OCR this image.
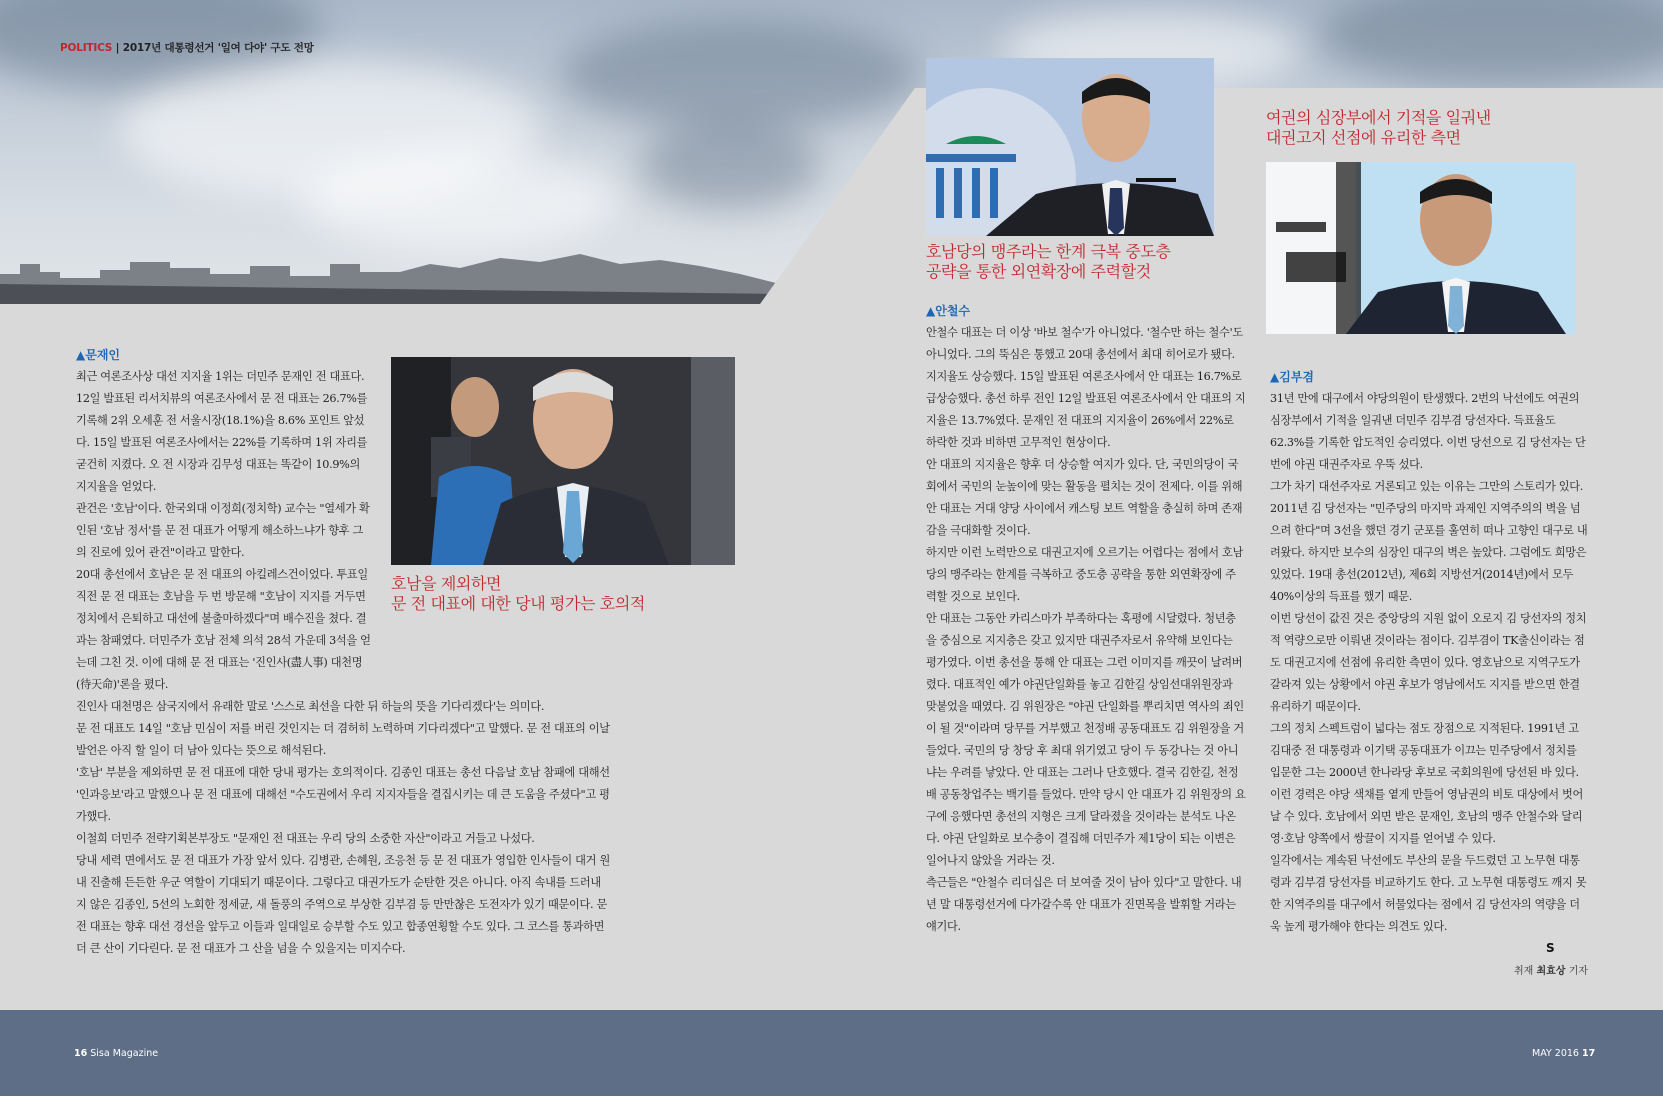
POLITICS | 2017년 대통령선거 '일여 다야' 구도 전망
▲문재인

최근 여론조사상 대선 지지율 1위는 더민주 문재인 전 대표다. 12일 발표된 리서치뷰의 여론조사에서 문 전 대표는 26.7%를 기록해 2위 오세훈 전 서울시장(18.1%)을 8.6% 포인트 앞섰다. 15일 발표된 여론조사에서는 22%를 기록하며 1위 자리를 굳건히 지켰다. 오 전 시장과 김무성 대표는 똑같이 10.9%의 지지율을 얻었다.

관건은 '호남'이다. 한국외대 이정희(정치학) 교수는 "열세가 확인된 '호남 정서'를 문 전 대표가 어떻게 해소하느냐가 향후 그의 진로에 있어 관건"이라고 말한다.

20대 총선에서 호남은 문 전 대표의 아킬레스건이었다. 투표일 직전 문 전 대표는 호남을 두 번 방문해 "호남이 지지를 거두면 정치에서 은퇴하고 대선에 불출마하겠다"며 배수진을 쳤다. 결과는 참패였다. 더민주가 호남 전체 의석 28석 가운데 3석을 얻는데 그친 것. 이에 대해 문 전 대표는 '진인사(盡人事) 대천명(待天命)'론을 폈다.

진인사 대천명은 삼국지에서 유래한 말로 '스스로 최선을 다한 뒤 하늘의 뜻을 기다리겠다'는 의미다.

문 전 대표도 14일 "호남 민심이 저를 버린 것인지는 더 겸허히 노력하며 기다리겠다"고 말했다. 문 전 대표의 이날 발언은 아직 할 일이 더 남아 있다는 뜻으로 해석된다.

'호남' 부분을 제외하면 문 전 대표에 대한 당내 평가는 호의적이다. 김종인 대표는 총선 다음날 호남 참패에 대해선 '인과응보'라고 말했으나 문 전 대표에 대해선 "수도권에서 우리 지지자들을 결집시키는 데 큰 도움을 주셨다"고 평가했다.

이철희 더민주 전략기획본부장도 "문재인 전 대표는 우리 당의 소중한 자산"이라고 거들고 나섰다.

당내 세력 면에서도 문 전 대표가 가장 앞서 있다. 김병관, 손혜원, 조응천 등 문 전 대표가 영입한 인사들이 대거 원내 진출해 든든한 우군 역할이 기대되기 때문이다. 그렇다고 대권가도가 순탄한 것은 아니다. 아직 속내를 드러내지 않은 김종인, 5선의 노회한 정세균, 새 돌풍의 주역으로 부상한 김부겸 등 만만찮은 도전자가 있기 때문이다. 문 전 대표는 향후 대선 경선을 앞두고 이들과 일대일로 승부할 수도 있고 합종연횡할 수도 있다. 그 코스를 통과하면 더 큰 산이 기다린다. 문 전 대표가 그 산을 넘을 수 있을지는 미지수다.

호남을 제외하면
문 전 대표에 대한 당내 평가는 호의적
호남당의 맹주라는 한계 극복 중도층
공략을 통한 외연확장에 주력할것
▲안철수

안철수 대표는 더 이상 '바보 철수'가 아니었다. '철수만 하는 철수'도 아니었다. 그의 뚝심은 통했고 20대 총선에서 최대 히어로가 됐다. 지지율도 상승했다. 15일 발표된 여론조사에서 안 대표는 16.7%로 급상승했다. 총선 하루 전인 12일 발표된 여론조사에서 안 대표의 지지율은 13.7%였다. 문재인 전 대표의 지지율이 26%에서 22%로 하락한 것과 비하면 고무적인 현상이다.

안 대표의 지지율은 향후 더 상승할 여지가 있다. 단, 국민의당이 국회에서 국민의 눈높이에 맞는 활동을 펼치는 것이 전제다. 이를 위해 안 대표는 거대 양당 사이에서 캐스팅 보트 역할을 충실히 하며 존재감을 극대화할 것이다.

하지만 이런 노력만으로 대권고지에 오르기는 어렵다는 점에서 호남당의 맹주라는 한계를 극복하고 중도층 공략을 통한 외연확장에 주력할 것으로 보인다.

안 대표는 그동안 카리스마가 부족하다는 혹평에 시달렸다. 청년층을 중심으로 지지층은 갖고 있지만 대권주자로서 유약해 보인다는 평가였다. 이번 총선을 통해 안 대표는 그런 이미지를 깨끗이 날려버렸다. 대표적인 예가 야권단일화를 놓고 김한길 상임선대위원장과 맞붙었을 때였다. 김 위원장은 "야권 단일화를 뿌리치면 역사의 죄인이 될 것"이라며 당무를 거부했고 천정배 공동대표도 김 위원장을 거들었다. 국민의 당 창당 후 최대 위기였고 당이 두 동강나는 것 아니냐는 우려를 낳았다. 안 대표는 그러나 단호했다. 결국 김한길, 천정배 공동창업주는 백기를 들었다. 만약 당시 안 대표가 김 위원장의 요구에 응했다면 총선의 지형은 크게 달라졌을 것이라는 분석도 나온다. 야권 단일화로 보수층이 결집해 더민주가 제1당이 되는 이변은 일어나지 않았을 거라는 것.

측근들은 "안철수 리더십은 더 보여줄 것이 남아 있다"고 말한다. 내년 말 대통령선거에 다가갈수록 안 대표가 진면목을 발휘할 거라는 얘기다.

여권의 심장부에서 기적을 일궈낸
대권고지 선점에 유리한 측면
▲김부겸

31년 만에 대구에서 야당의원이 탄생했다. 2번의 낙선에도 여권의 심장부에서 기적을 일궈낸 더민주 김부겸 당선자다. 득표율도 62.3%를 기록한 압도적인 승리였다. 이번 당선으로 김 당선자는 단번에 야권 대권주자로 우뚝 섰다.

그가 차기 대선주자로 거론되고 있는 이유는 그만의 스토리가 있다. 2011년 김 당선자는 "민주당의 마지막 과제인 지역주의의 벽을 넘으려 한다"며 3선을 했던 경기 군포를 훌연히 떠나 고향인 대구로 내려왔다. 하지만 보수의 심장인 대구의 벽은 높았다. 그럼에도 희망은 있었다. 19대 총선(2012년), 제6회 지방선거(2014년)에서 모두 40%이상의 득표를 했기 때문.

이번 당선이 값진 것은 중앙당의 지원 없이 오로지 김 당선자의 정치적 역량으로만 이뤄낸 것이라는 점이다. 김부겸이 TK출신이라는 점도 대권고지에 선점에 유리한 측면이 있다. 영호남으로 지역구도가 갈라져 있는 상황에서 야권 후보가 영남에서도 지지를 받으면 한결 유리하기 때문이다.

그의 정치 스펙트럼이 넓다는 점도 장점으로 지적된다. 1991년 고 김대중 전 대통령과 이기택 공동대표가 이끄는 민주당에서 정치를 입문한 그는 2000년 한나라당 후보로 국회의원에 당선된 바 있다. 이런 경력은 야당 색채를 옅게 만들어 영남권의 비토 대상에서 벗어날 수 있다. 호남에서 외면 받은 문재인, 호남의 맹주 안철수와 달리 영·호남 양쪽에서 쌍끌이 지지를 얻어낼 수 있다.

일각에서는 계속된 낙선에도 부산의 문을 두드렸던 고 노무현 대통령과 김부겸 당선자를 비교하기도 한다. 고 노무현 대통령도 깨지 못한 지역주의를 대구에서 허물었다는 점에서 김 당선자의 역량을 더욱 높게 평가해야 한다는 의견도 있다.

S
취재 최효상 기자
16 Sisa Magazine	MAY 2016 17
